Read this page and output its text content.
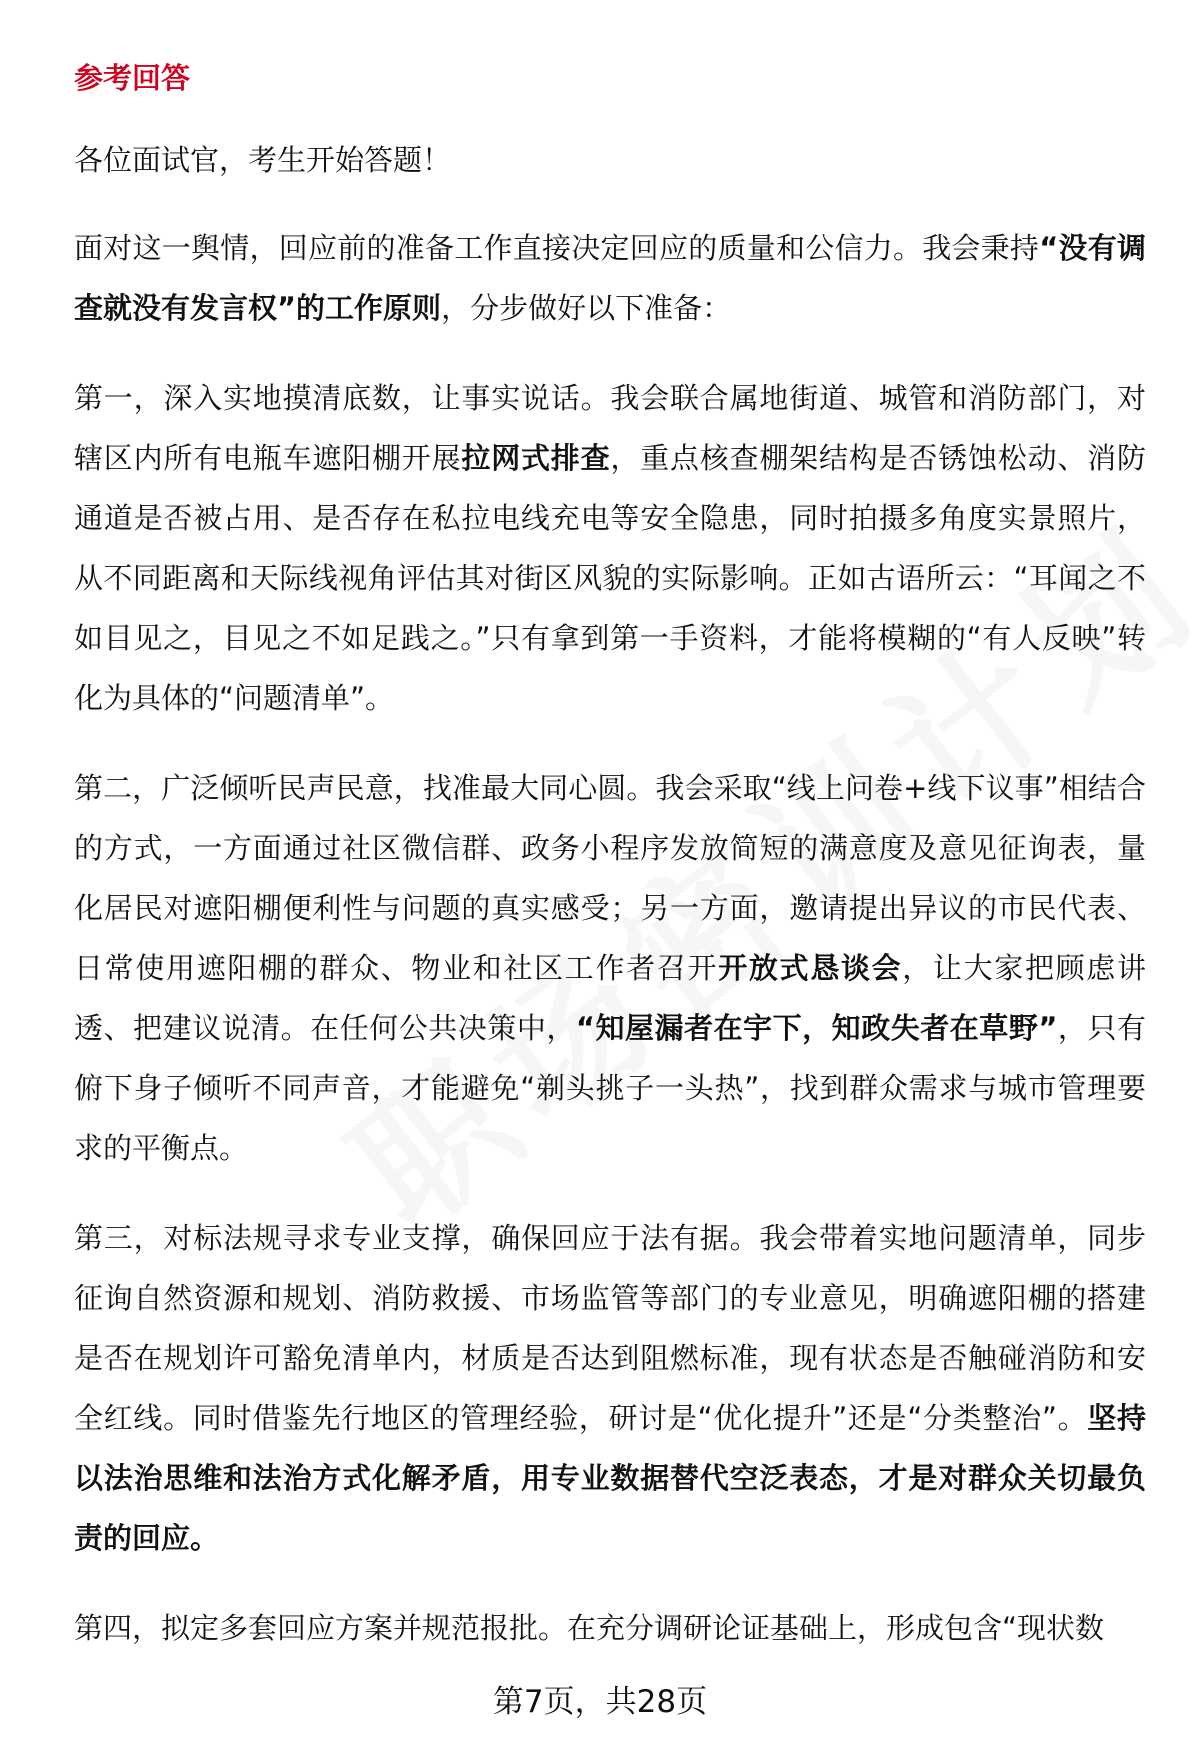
参考回答

各位面试官，考生开始答题！

面对这一舆情，回应前的准备工作直接决定回应的质量和公信力。我会秉持“没有调查就没有发言权”的工作原则，分步做好以下准备：

第一，深入实地摸清底数，让事实说话。我会联合属地街道、城管和消防部门，对辖区内所有电瓶车遮阳棚开展拉网式排查，重点核查棚架结构是否锈蚀松动、消防通道是否被占用、是否存在私拉电线充电等安全隐患，同时拍摄多角度实景照片，从不同距离和天际线视角评估其对街区风貌的实际影响。正如古语所云：“耳闻之不如目见之，目见之不如足践之。”只有拿到第一手资料，才能将模糊的“有人反映”转化为具体的“问题清单”。

第二，广泛倾听民声民意，找准最大同心圆。我会采取“线上问卷+线下议事”相结合的方式，一方面通过社区微信群、政务小程序发放简短的满意度及意见征询表，量化居民对遮阳棚便利性与问题的真实感受；另一方面，邀请提出异议的市民代表、日常使用遮阳棚的群众、物业和社区工作者召开开放式恳谈会，让大家把顾虑讲透、把建议说清。在任何公共决策中，“知屋漏者在宇下，知政失者在草野”，只有俯下身子倾听不同声音，才能避免“剃头挑子一头热”，找到群众需求与城市管理要求的平衡点。

第三，对标法规寻求专业支撑，确保回应于法有据。我会带着实地问题清单，同步征询自然资源和规划、消防救援、市场监管等部门的专业意见，明确遮阳棚的搭建是否在规划许可豁免清单内，材质是否达到阻燃标准，现有状态是否触碰消防和安全红线。同时借鉴先行地区的管理经验，研讨是“优化提升”还是“分类整治”。坚持以法治思维和法治方式化解矛盾，用专业数据替代空泛表态，才是对群众关切最负责的回应。

第四，拟定多套回应方案并规范报批。在充分调研论证基础上，形成包含“现状数

第7页，共28页
